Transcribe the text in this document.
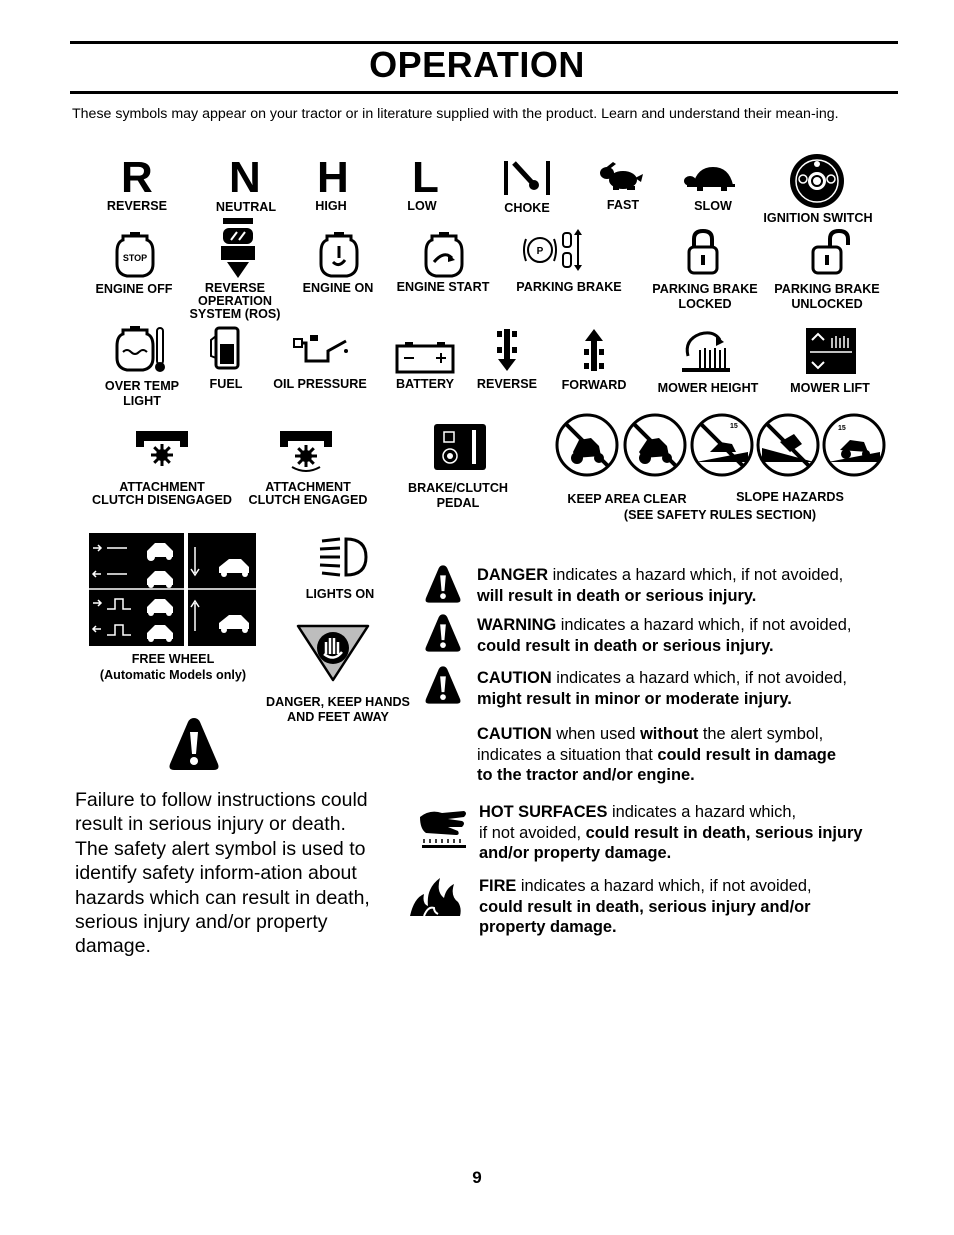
OPERATION
These symbols may appear on your tractor or in literature supplied with the product. Learn and understand their mean-ing.
R
REVERSE
N
NEUTRAL
H
HIGH
L
LOW	CHOKE	FAST	SLOW
IGNITION SWITCH
STOP
ENGINE OFF	REVERSE
OPERATION
SYSTEM (ROS)
ENGINE ON	ENGINE START
P
PARKING BRAKE	PARKING BRAKE
LOCKED
PARKING BRAKE
UNLOCKED
OVER TEMP
LIGHT
FUEL	OIL PRESSURE	BATTERY	REVERSE	FORWARD	MOWER HEIGHT	MOWER LIFT
ATTACHMENT
CLUTCH DISENGAGED
ATTACHMENT
CLUTCH ENGAGED
BRAKE/CLUTCH
PEDAL	KEEP AREA CLEAR
15	15
SLOPE HAZARDS
(SEE SAFETY RULES SECTION)
FREE WHEEL
(Automatic Models only)
LIGHTS ON
DANGER, KEEP HANDS
AND FEET AWAY
Failure to follow instructions could result in serious injury or death. The safety alert symbol is used to identify safety inform-ation about hazards which can result in death, serious injury and/or property damage.
DANGER indicates a hazard which, if not avoided,
will result in death or serious injury.
WARNING indicates a hazard which, if not avoided,
could result in death or serious injury.
CAUTION indicates a hazard which, if not avoided,
might result in minor or moderate injury.
CAUTION when used without the alert symbol,
indicates a situation that could result in damage
to the tractor and/or engine.
HOT SURFACES indicates a hazard which,
if not avoided, could result in death, serious injury
and/or property damage.
FIRE indicates a hazard which, if not avoided,
could result in death, serious injury and/or
property damage.
9
